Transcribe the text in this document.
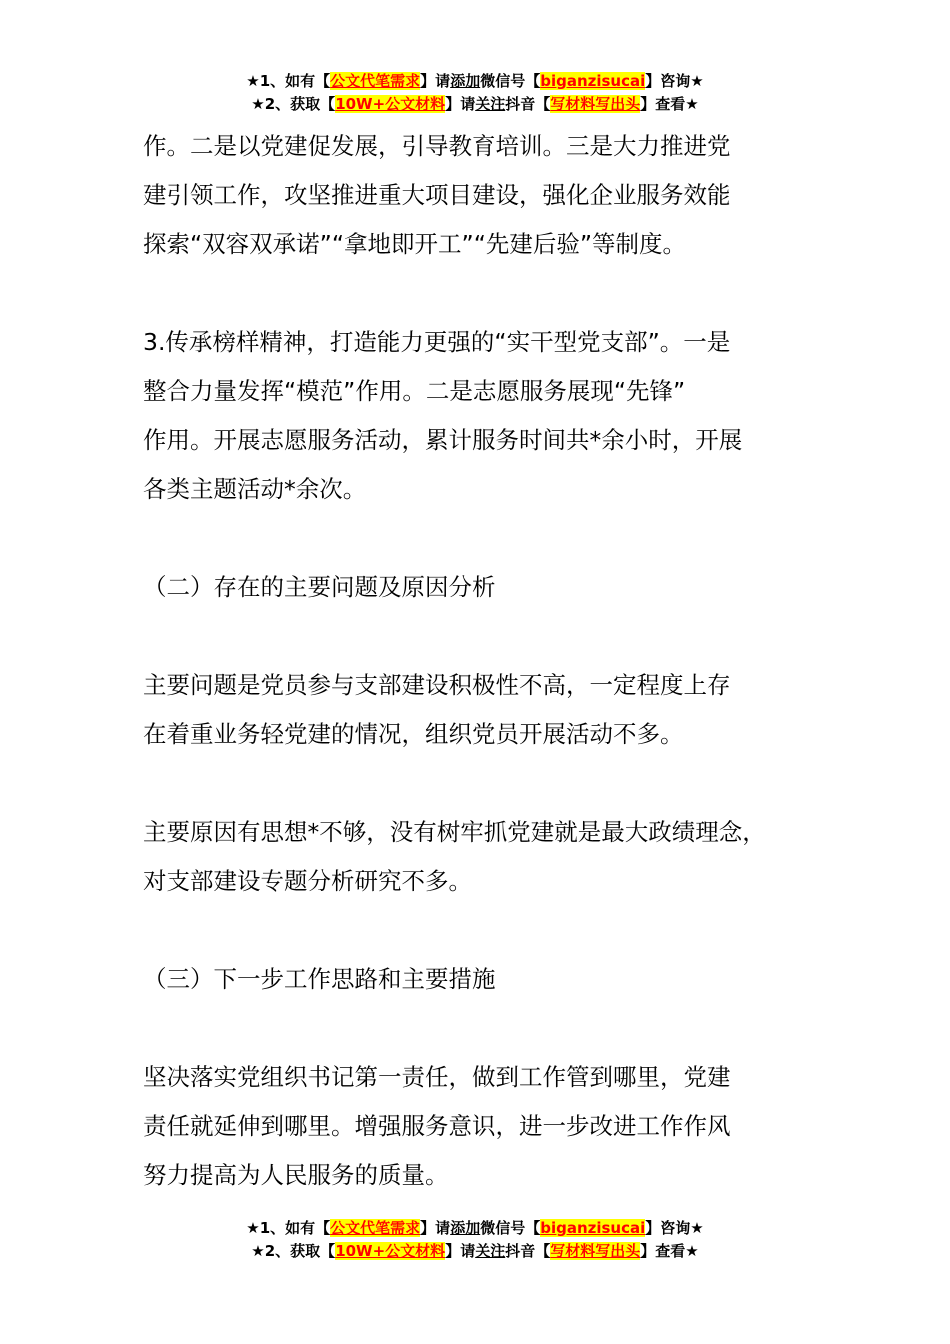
★1、如有【公文代笔需求】请添加微信号【biganzisucai】咨询★
★2、获取【10W+公文材料】请关注抖音【写材料写出头】查看★
作。二是以党建促发展，引导教育培训。三是大力推进党
建引领工作，攻坚推进重大项目建设，强化企业服务效能
探索“双容双承诺”“拿地即开工”“先建后验”等制度。
3.传承榜样精神，打造能力更强的“实干型党支部”。一是
整合力量发挥“模范”作用。二是志愿服务展现“先锋”
作用。开展志愿服务活动，累计服务时间共*余小时，开展
各类主题活动*余次。
（二）存在的主要问题及原因分析
主要问题是党员参与支部建设积极性不高，一定程度上存
在着重业务轻党建的情况，组织党员开展活动不多。
主要原因有思想*不够，没有树牢抓党建就是最大政绩理念，
对支部建设专题分析研究不多。
（三）下一步工作思路和主要措施
坚决落实党组织书记第一责任，做到工作管到哪里，党建
责任就延伸到哪里。增强服务意识，进一步改进工作作风
努力提高为人民服务的质量。
★1、如有【公文代笔需求】请添加微信号【biganzisucai】咨询★
★2、获取【10W+公文材料】请关注抖音【写材料写出头】查看★
